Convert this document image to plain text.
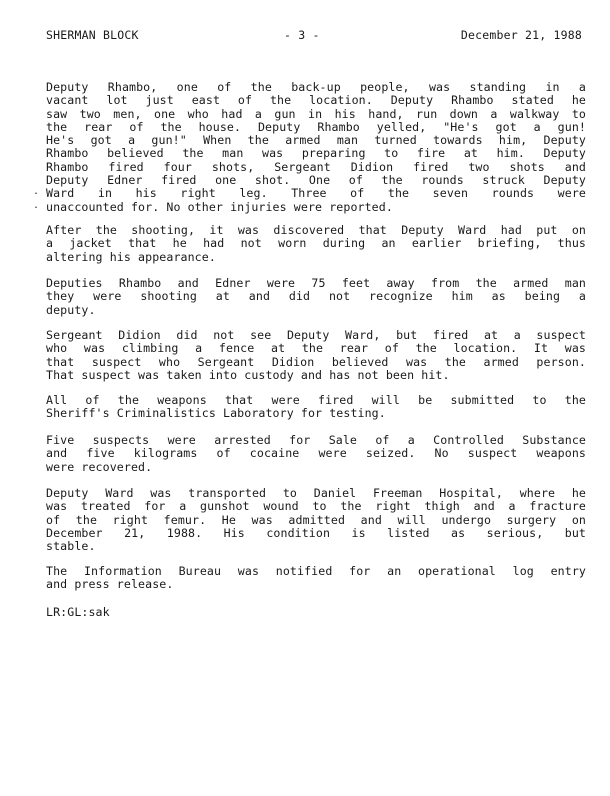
SHERMAN BLOCK	- 3 -	December 21, 1988
.
.
Deputy Rhambo, one of the back-up people, was standing in a
vacant lot just east of the location. Deputy Rhambo stated he
saw two men, one who had a gun in his hand, run down a walkway to
the rear of the house. Deputy Rhambo yelled, "He's got a gun!
He's got a gun!" When the armed man turned towards him, Deputy
Rhambo believed the man was preparing to fire at him. Deputy
Rhambo fired four shots, Sergeant Didion fired two shots and
Deputy Edner fired one shot. One of the rounds struck Deputy
Ward in his right leg. Three of the seven rounds were
unaccounted for. No other injuries were reported.
After the shooting, it was discovered that Deputy Ward had put on
a jacket that he had not worn during an earlier briefing, thus
altering his appearance.
Deputies Rhambo and Edner were 75 feet away from the armed man
they were shooting at and did not recognize him as being a
deputy.
Sergeant Didion did not see Deputy Ward, but fired at a suspect
who was climbing a fence at the rear of the location. It was
that suspect who Sergeant Didion believed was the armed person.
That suspect was taken into custody and has not been hit.
All of the weapons that were fired will be submitted to the
Sheriff's Criminalistics Laboratory for testing.
Five suspects were arrested for Sale of a Controlled Substance
and five kilograms of cocaine were seized. No suspect weapons
were recovered.
Deputy Ward was transported to Daniel Freeman Hospital, where he
was treated for a gunshot wound to the right thigh and a fracture
of the right femur. He was admitted and will undergo surgery on
December 21, 1988. His condition is listed as serious, but
stable.
The Information Bureau was notified for an operational log entry
and press release.
LR:GL:sak
